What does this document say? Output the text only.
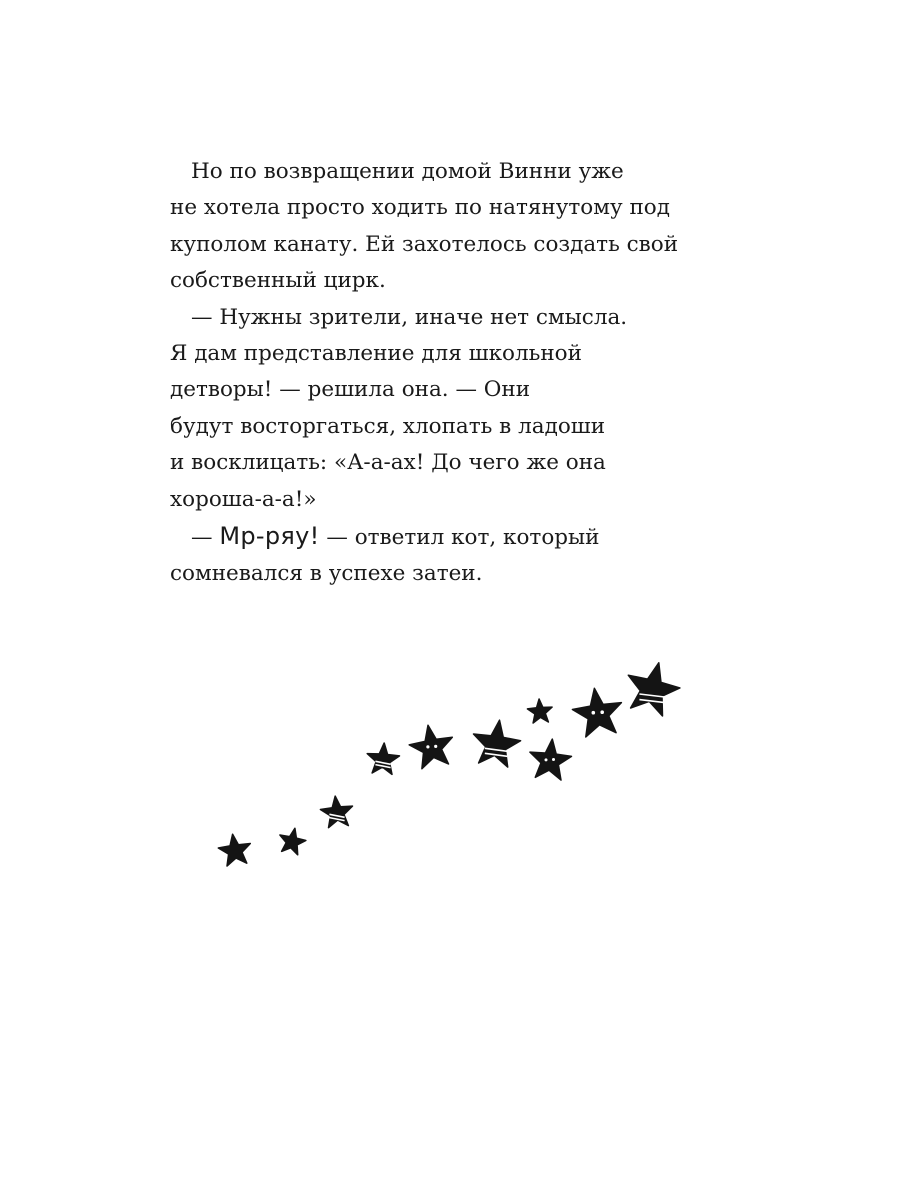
Но по возвращении домой Винни уже
не хотела просто ходить по натянутому под
куполом канату. Ей захотелось создать свой
собственный цирк.
— Нужны зрители, иначе нет смысла.
Я дам представление для школьной
детворы! — решила она. — Они
будут восторгаться, хлопать в ладоши
и восклицать: «А-а-ах! До чего же она
хороша-а-а!»
— Мр-ряу! — ответил кот, который
сомневался в успехе затеи.
